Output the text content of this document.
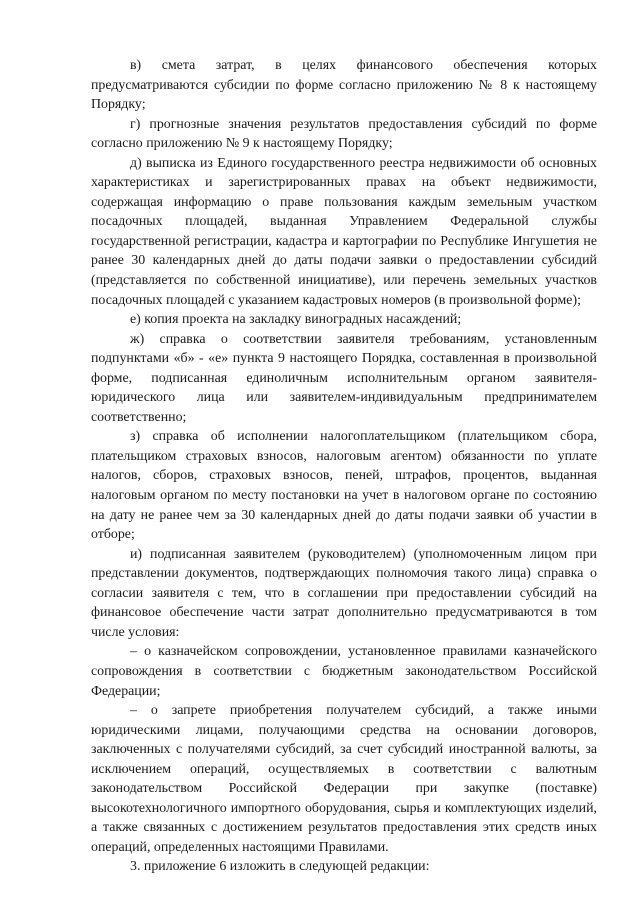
в) смета затрат, в целях финансового обеспечения которых предусматриваются субсидии по форме согласно приложению № 8 к настоящему Порядку;

г) прогнозные значения результатов предоставления субсидий по форме согласно приложению № 9 к настоящему Порядку;

д) выписка из Единого государственного реестра недвижимости об основных характеристиках и зарегистрированных правах на объект недвижимости, содержащая информацию о праве пользования каждым земельным участком посадочных площадей, выданная Управлением Федеральной службы государственной регистрации, кадастра и картографии по Республике Ингушетия не ранее 30 календарных дней до даты подачи заявки о предоставлении субсидий (представляется по собственной инициативе), или перечень земельных участков посадочных площадей с указанием кадастровых номеров (в произвольной форме);

е) копия проекта на закладку виноградных насаждений;

ж) справка о соответствии заявителя требованиям, установленным подпунктами «б» - «е» пункта 9 настоящего Порядка, составленная в произвольной форме, подписанная единоличным исполнительным органом заявителя-юридического лица или заявителем-индивидуальным предпринимателем соответственно;

з) справка об исполнении налогоплательщиком (плательщиком сбора, плательщиком страховых взносов, налоговым агентом) обязанности по уплате налогов, сборов, страховых взносов, пеней, штрафов, процентов, выданная налоговым органом по месту постановки на учет в налоговом органе по состоянию на дату не ранее чем за 30 календарных дней до даты подачи заявки об участии в отборе;

и) подписанная заявителем (руководителем) (уполномоченным лицом при представлении документов, подтверждающих полномочия такого лица) справка о согласии заявителя с тем, что в соглашении при предоставлении субсидий на финансовое обеспечение части затрат дополнительно предусматриваются в том числе условия:

– о казначейском сопровождении, установленное правилами казначейского сопровождения в соответствии с бюджетным законодательством Российской Федерации;

– о запрете приобретения получателем субсидий, а также иными юридическими лицами, получающими средства на основании договоров, заключенных с получателями субсидий, за счет субсидий иностранной валюты, за исключением операций, осуществляемых в соответствии с валютным законодательством Российской Федерации при закупке (поставке) высокотехнологичного импортного оборудования, сырья и комплектующих изделий, а также связанных с достижением результатов предоставления этих средств иных операций, определенных настоящими Правилами.

3. приложение 6 изложить в следующей редакции:
